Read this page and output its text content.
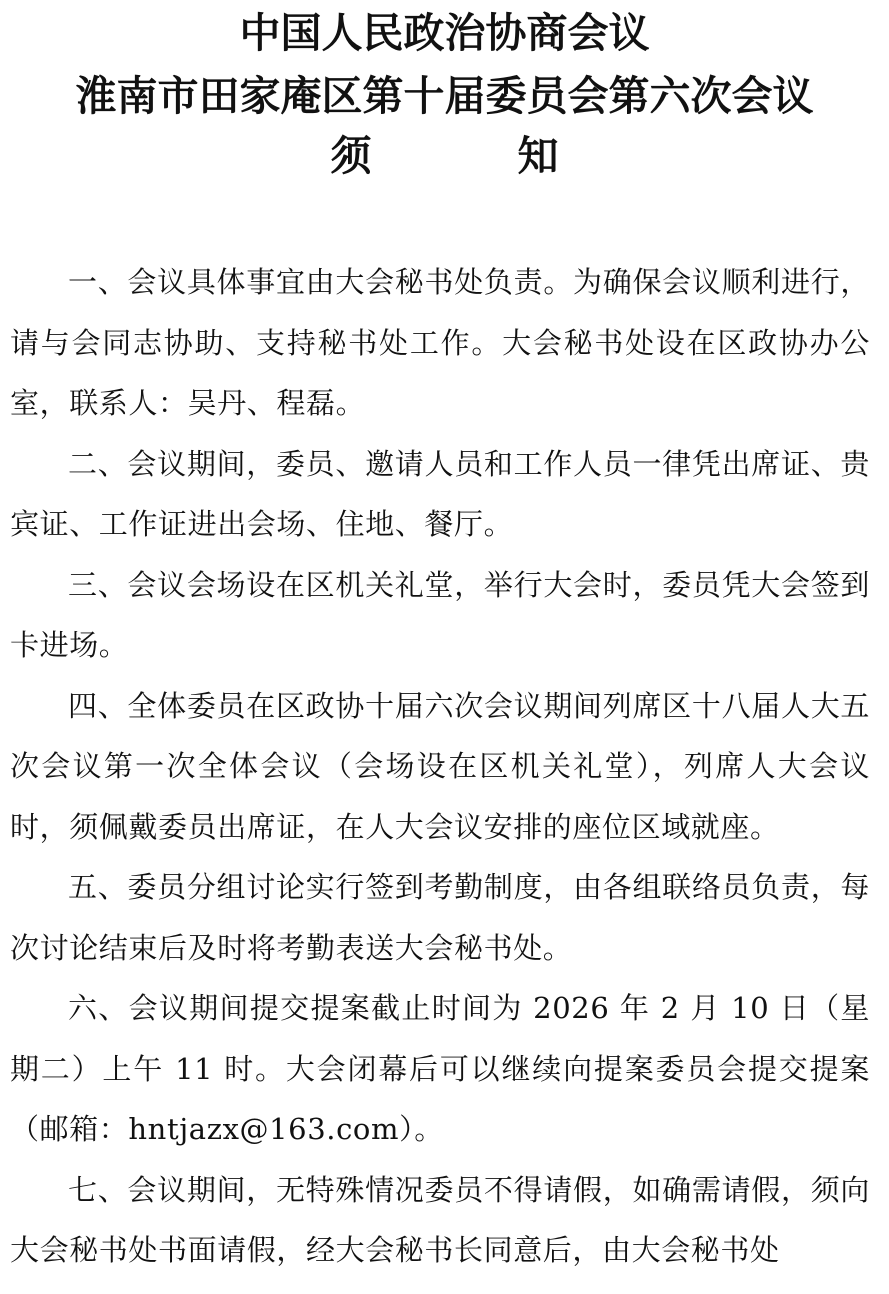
中国人民政治协商会议
淮南市田家庵区第十届委员会第六次会议
须	知

一、会议具体事宜由大会秘书处负责。为确保会议顺利进行，请与会同志协助、支持秘书处工作。大会秘书处设在区政协办公室，联系人：吴丹、程磊。

二、会议期间，委员、邀请人员和工作人员一律凭出席证、贵宾证、工作证进出会场、住地、餐厅。

三、会议会场设在区机关礼堂，举行大会时，委员凭大会签到卡进场。

四、全体委员在区政协十届六次会议期间列席区十八届人大五次会议第一次全体会议（会场设在区机关礼堂），列席人大会议时，须佩戴委员出席证，在人大会议安排的座位区域就座。

五、委员分组讨论实行签到考勤制度，由各组联络员负责，每次讨论结束后及时将考勤表送大会秘书处。

六、会议期间提交提案截止时间为 2026 年 2 月 10 日（星期二）上午 11 时。大会闭幕后可以继续向提案委员会提交提案（邮箱：hntjazx@163.com）。

七、会议期间，无特殊情况委员不得请假，如确需请假，须向大会秘书处书面请假，经大会秘书长同意后，由大会秘书处
